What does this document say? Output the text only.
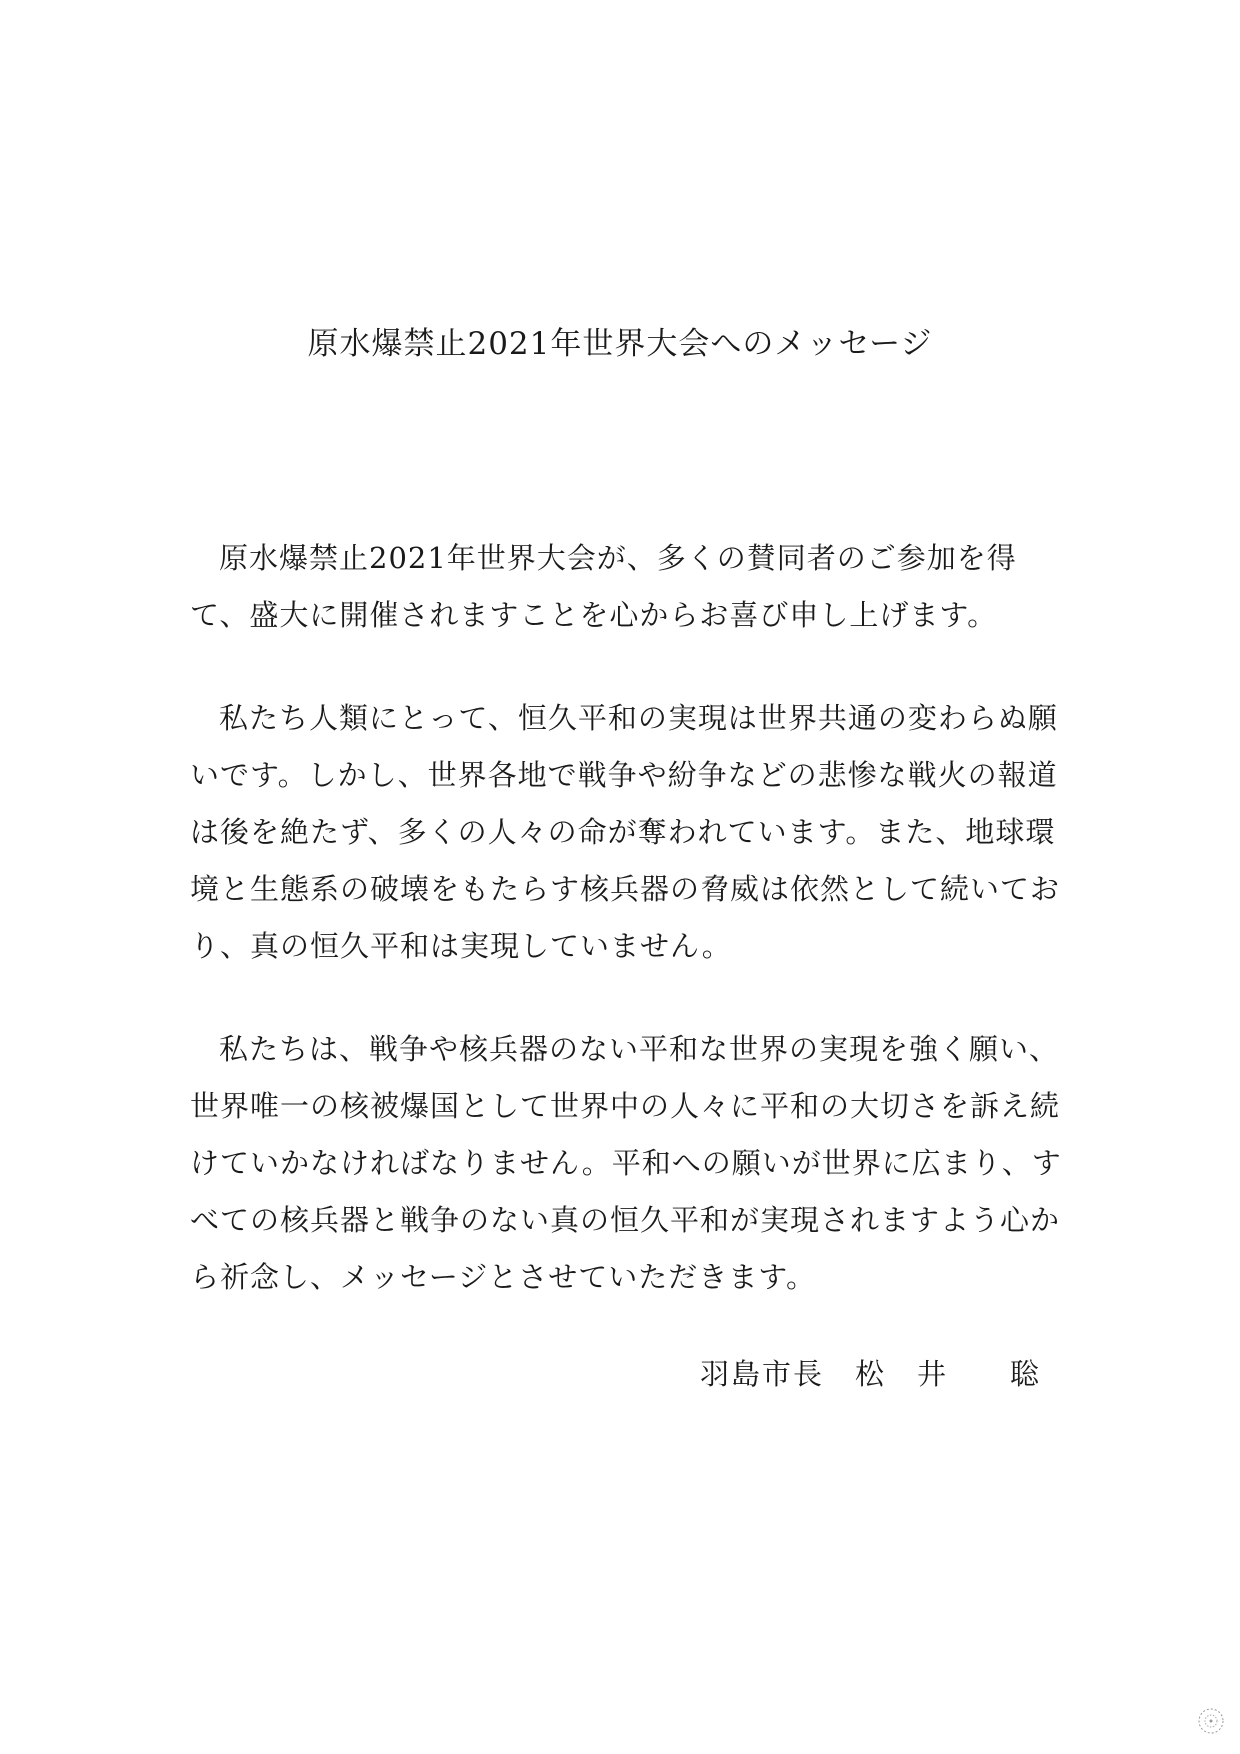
原水爆禁止2021年世界大会へのメッセージ

原水爆禁止2021年世界大会が、多くの賛同者のご参加を得て、盛大に開催されますことを心からお喜び申し上げます。

私たち人類にとって、恒久平和の実現は世界共通の変わらぬ願いです。しかし、世界各地で戦争や紛争などの悲惨な戦火の報道は後を絶たず、多くの人々の命が奪われています。また、地球環境と生態系の破壊をもたらす核兵器の脅威は依然として続いており、真の恒久平和は実現していません。

私たちは、戦争や核兵器のない平和な世界の実現を強く願い、世界唯一の核被爆国として世界中の人々に平和の大切さを訴え続けていかなければなりません。平和への願いが世界に広まり、すべての核兵器と戦争のない真の恒久平和が実現されますよう心から祈念し、メッセージとさせていただきます。

羽島市長　松　井　　聡
